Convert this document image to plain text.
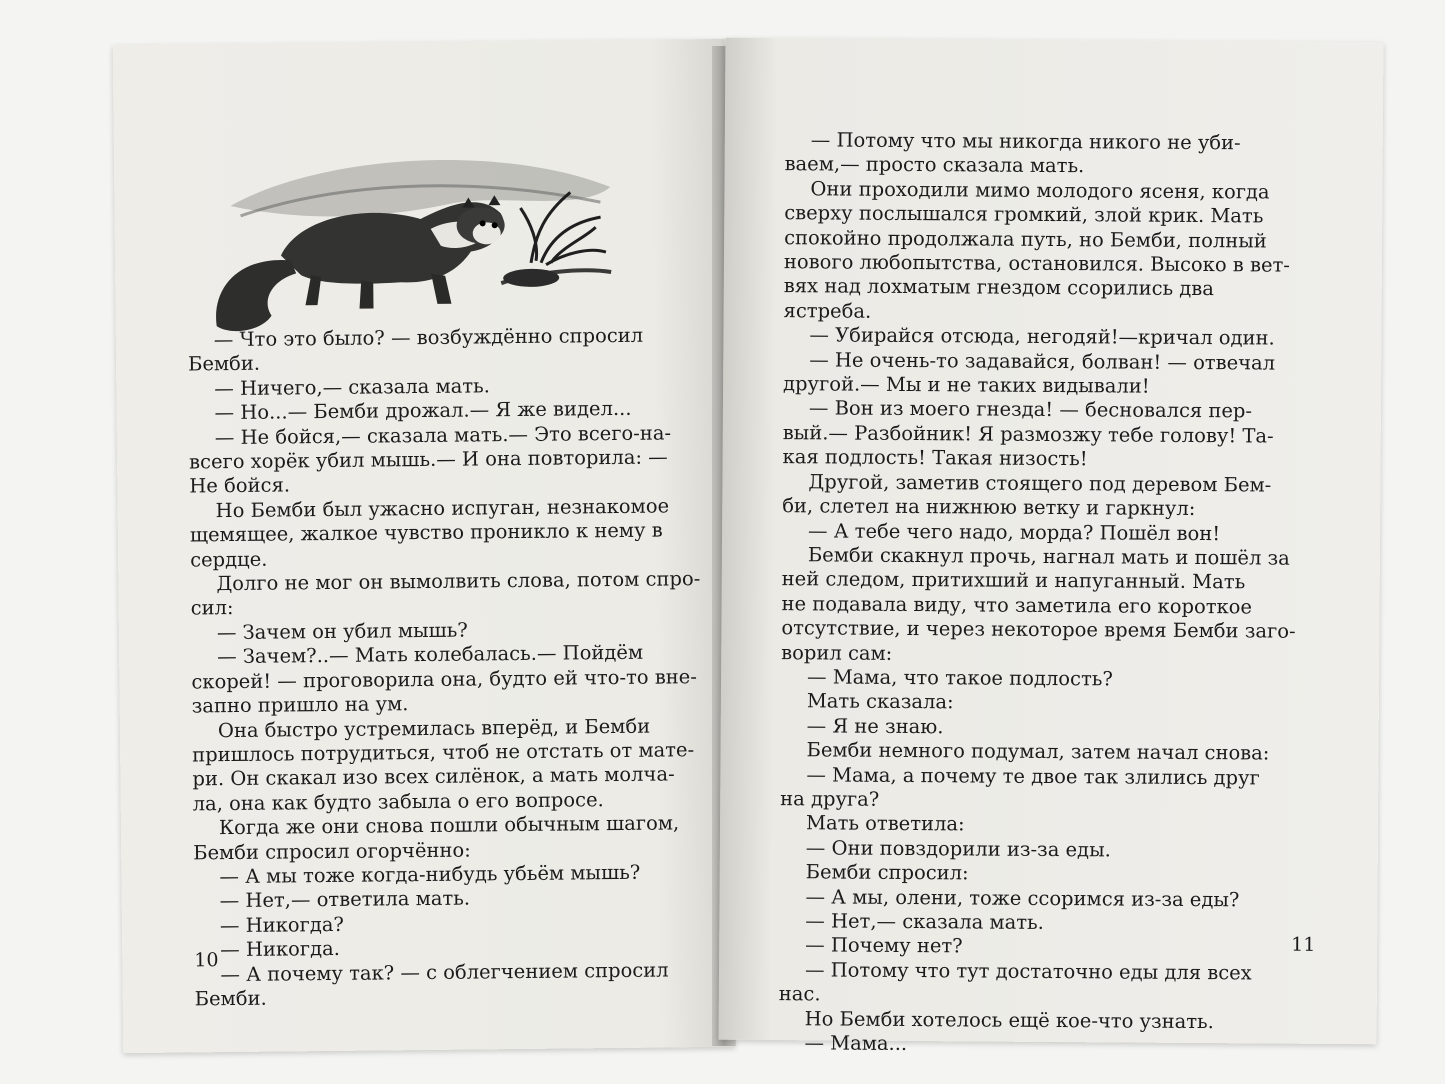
— Что это было? — возбуждённо спросил

Бемби.

— Ничего,— сказала мать.

— Но...— Бемби дрожал.— Я же видел...

— Не бойся,— сказала мать.— Это всего-на-

всего хорёк убил мышь.— И она повторила: —

Не бойся.

Но Бемби был ужасно испуган, незнакомое

щемящее, жалкое чувство проникло к нему в

сердце.

Долго не мог он вымолвить слова, потом спро-

сил:

— Зачем он убил мышь?

— Зачем?..— Мать колебалась.— Пойдём

скорей! — проговорила она, будто ей что-то вне-

запно пришло на ум.

Она быстро устремилась вперёд, и Бемби

пришлось потрудиться, чтоб не отстать от мате-

ри. Он скакал изо всех силёнок, а мать молча-

ла, она как будто забыла о его вопросе.

Когда же они снова пошли обычным шагом,

Бемби спросил огорчённо:

— А мы тоже когда-нибудь убьём мышь?

— Нет,— ответила мать.

— Никогда?

— Никогда.

— А почему так? — с облегчением спросил

Бемби.

10

— Потому что мы никогда никого не уби-

ваем,— просто сказала мать.

Они проходили мимо молодого ясеня, когда

сверху послышался громкий, злой крик. Мать

спокойно продолжала путь, но Бемби, полный

нового любопытства, остановился. Высоко в вет-

вях над лохматым гнездом ссорились два

ястреба.

— Убирайся отсюда, негодяй!—кричал один.

— Не очень-то задавайся, болван! — отвечал

другой.— Мы и не таких видывали!

— Вон из моего гнезда! — бесновался пер-

вый.— Разбойник! Я размозжу тебе голову! Та-

кая подлость! Такая низость!

Другой, заметив стоящего под деревом Бем-

би, слетел на нижнюю ветку и гаркнул:

— А тебе чего надо, морда? Пошёл вон!

Бемби скакнул прочь, нагнал мать и пошёл за

ней следом, притихший и напуганный. Мать

не подавала виду, что заметила его короткое

отсутствие, и через некоторое время Бемби заго-

ворил сам:

— Мама, что такое подлость?

Мать сказала:

— Я не знаю.

Бемби немного подумал, затем начал снова:

— Мама, а почему те двое так злились друг

на друга?

Мать ответила:

— Они повздорили из-за еды.

Бемби спросил:

— А мы, олени, тоже ссоримся из-за еды?

— Нет,— сказала мать.

— Почему нет?

— Потому что тут достаточно еды для всех

нас.

Но Бемби хотелось ещё кое-что узнать.

— Мама...

11
